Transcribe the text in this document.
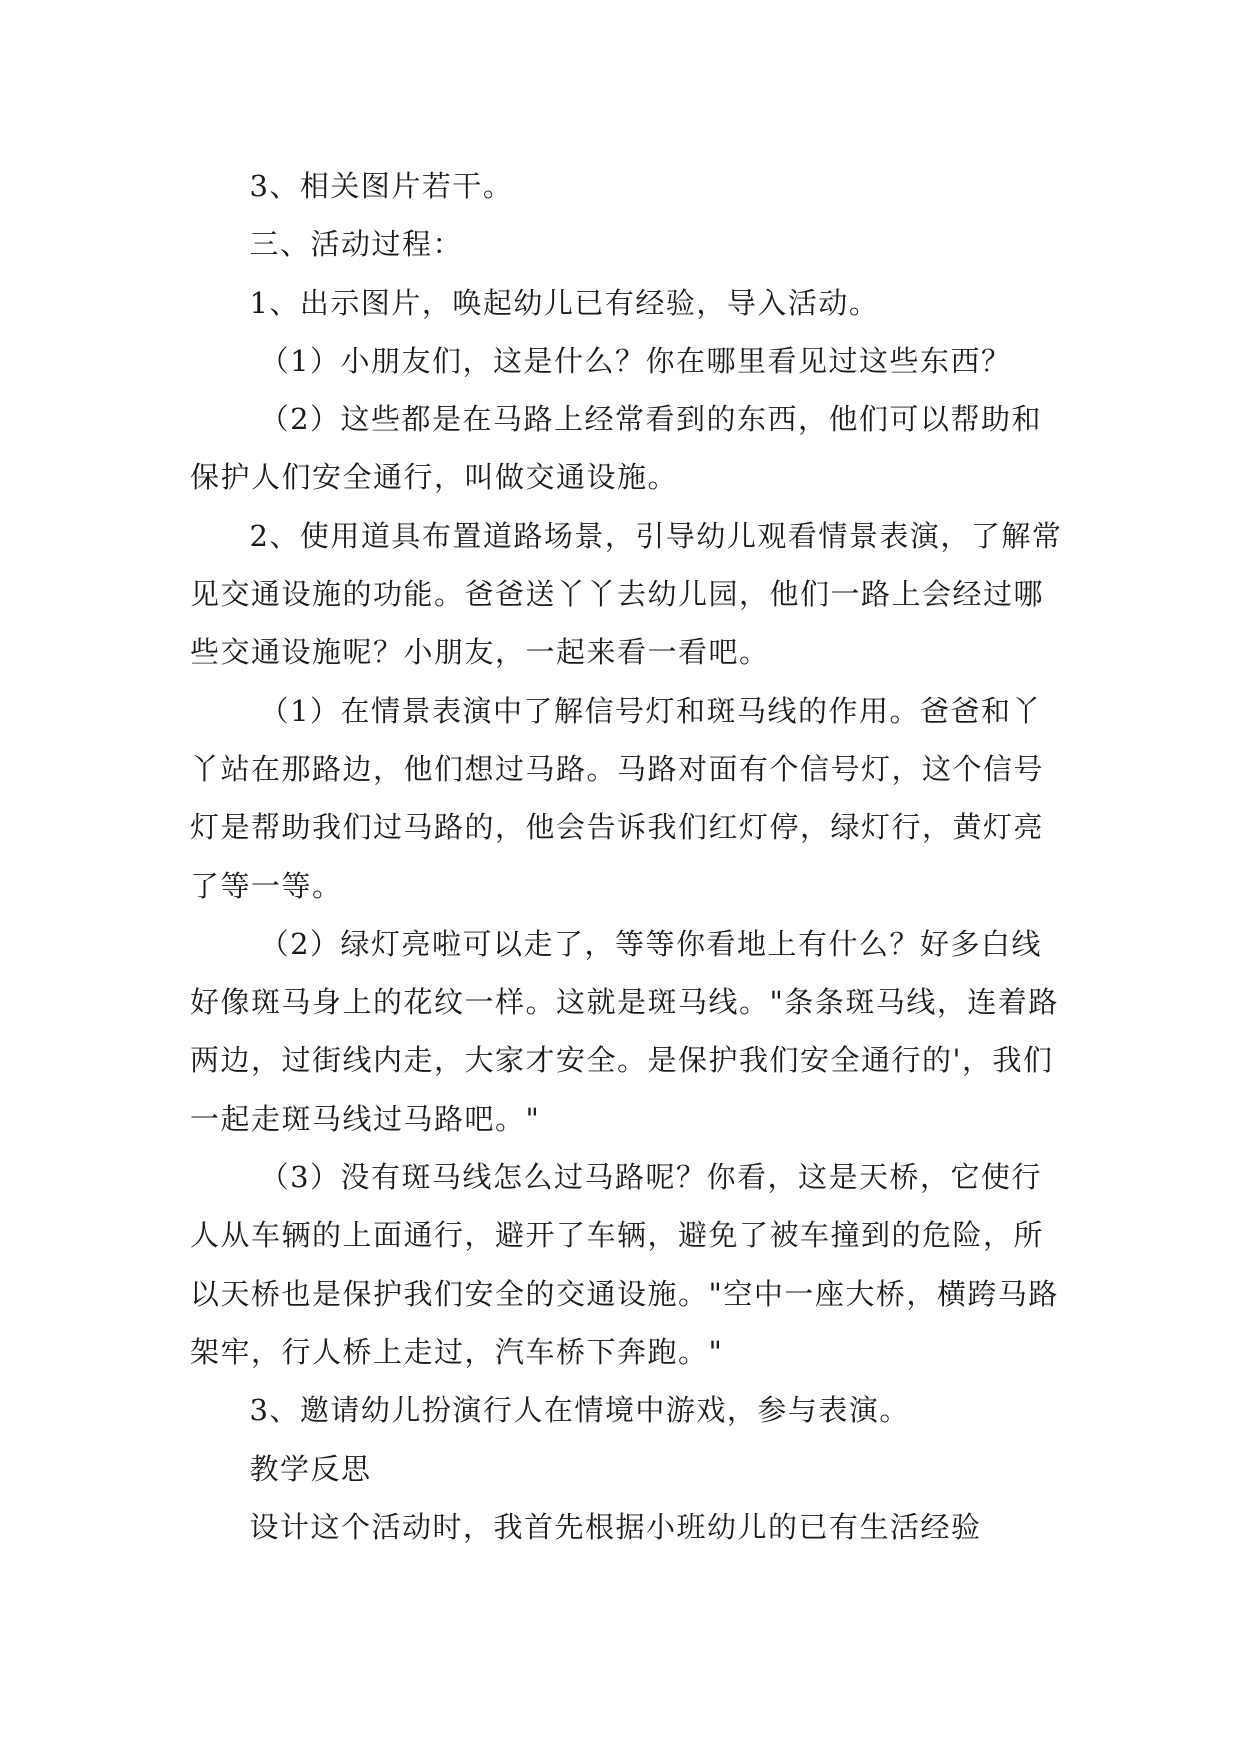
3、相关图片若干。

三、活动过程：

1、出示图片，唤起幼儿已有经验，导入活动。

（1）小朋友们，这是什么？你在哪里看见过这些东西？

（2）这些都是在马路上经常看到的东西，他们可以帮助和保护人们安全通行，叫做交通设施。

2、使用道具布置道路场景，引导幼儿观看情景表演，了解常见交通设施的功能。爸爸送丫丫去幼儿园，他们一路上会经过哪些交通设施呢？小朋友，一起来看一看吧。

（1）在情景表演中了解信号灯和斑马线的作用。爸爸和丫丫站在那路边，他们想过马路。马路对面有个信号灯，这个信号灯是帮助我们过马路的，他会告诉我们红灯停，绿灯行，黄灯亮了等一等。

（2）绿灯亮啦可以走了，等等你看地上有什么？好多白线好像斑马身上的花纹一样。这就是斑马线。"条条斑马线，连着路两边，过街线内走，大家才安全。是保护我们安全通行的'，我们一起走斑马线过马路吧。"

（3）没有斑马线怎么过马路呢？你看，这是天桥，它使行人从车辆的上面通行，避开了车辆，避免了被车撞到的危险，所以天桥也是保护我们安全的交通设施。"空中一座大桥，横跨马路架牢，行人桥上走过，汽车桥下奔跑。"

3、邀请幼儿扮演行人在情境中游戏，参与表演。

教学反思

设计这个活动时，我首先根据小班幼儿的已有生活经验
